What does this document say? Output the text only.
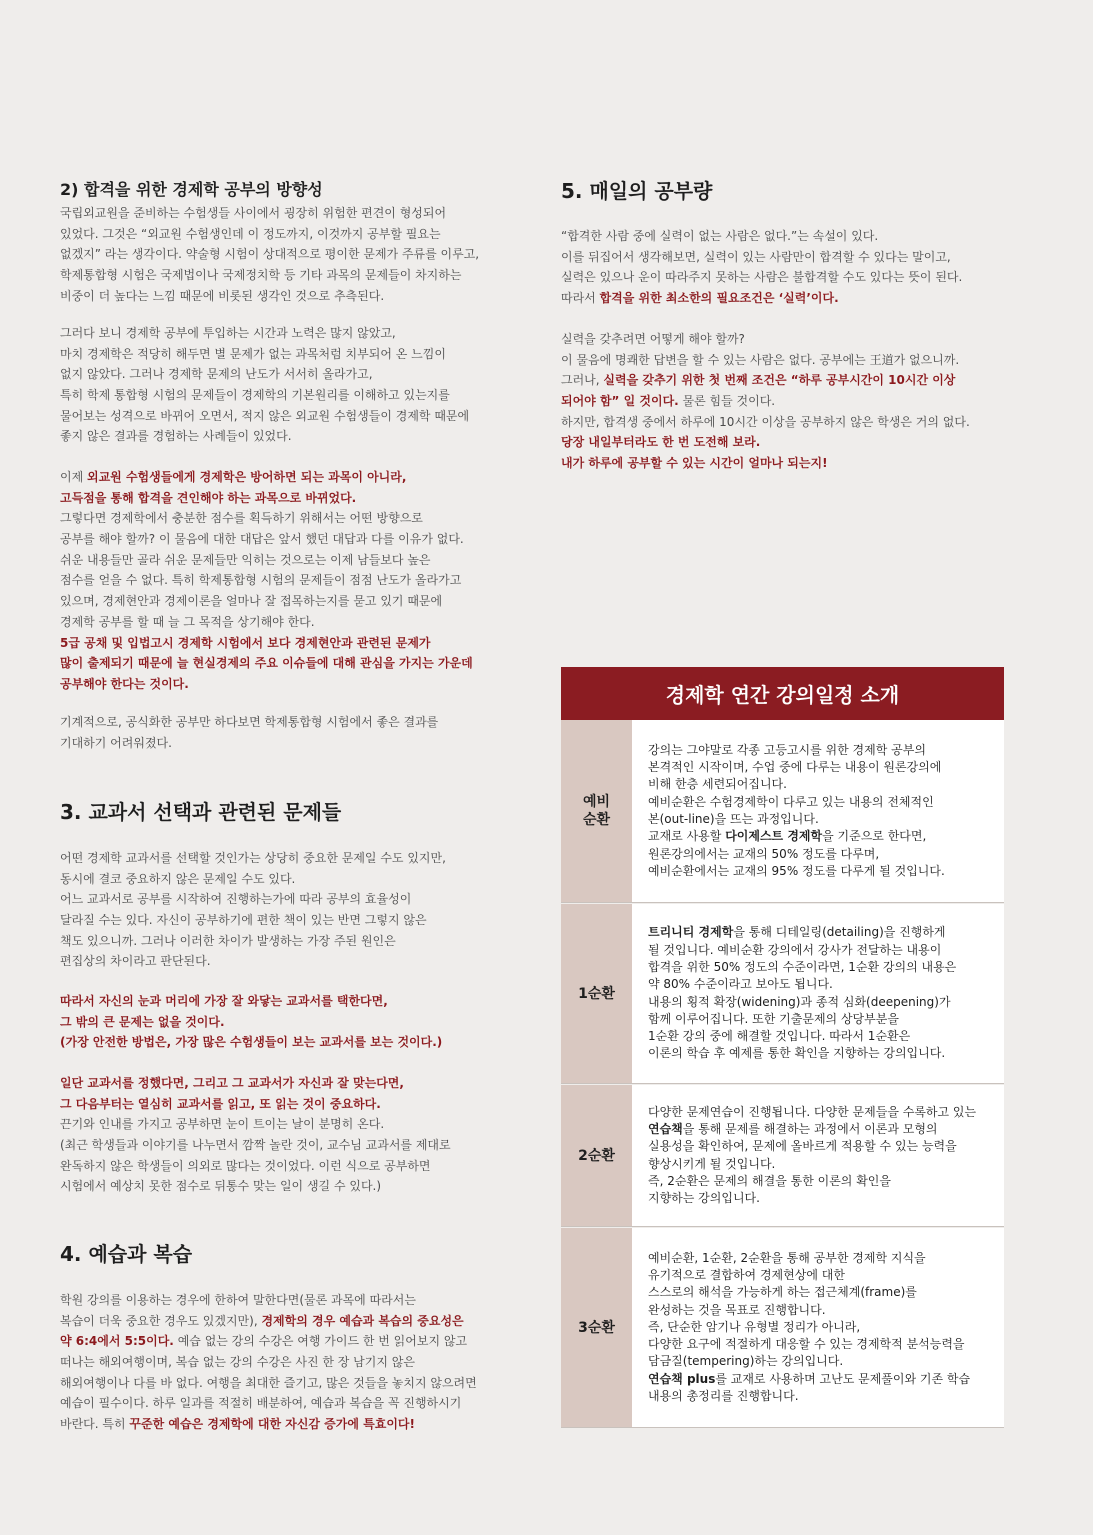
2) 합격을 위한 경제학 공부의 방향성
국립외교원을 준비하는 수험생들 사이에서 굉장히 위험한 편견이 형성되어
있었다. 그것은 “외교원 수험생인데 이 정도까지, 이것까지 공부할 필요는
없겠지” 라는 생각이다. 약술형 시험이 상대적으로 평이한 문제가 주류를 이루고,
학제통합형 시험은 국제법이나 국제정치학 등 기타 과목의 문제들이 차지하는
비중이 더 높다는 느낌 때문에 비롯된 생각인 것으로 추측된다.
그러다 보니 경제학 공부에 투입하는 시간과 노력은 많지 않았고,
마치 경제학은 적당히 해두면 별 문제가 없는 과목처럼 치부되어 온 느낌이
없지 않았다. 그러나 경제학 문제의 난도가 서서히 올라가고,
특히 학제 통합형 시험의 문제들이 경제학의 기본원리를 이해하고 있는지를
물어보는 성격으로 바뀌어 오면서, 적지 않은 외교원 수험생들이 경제학 때문에
좋지 않은 결과를 경험하는 사례들이 있었다.
이제 외교원 수험생들에게 경제학은 방어하면 되는 과목이 아니라,
고득점을 통해 합격을 견인해야 하는 과목으로 바뀌었다.
그렇다면 경제학에서 충분한 점수를 획득하기 위해서는 어떤 방향으로
공부를 해야 할까? 이 물음에 대한 대답은 앞서 했던 대답과 다를 이유가 없다.
쉬운 내용들만 골라 쉬운 문제들만 익히는 것으로는 이제 남들보다 높은
점수를 얻을 수 없다. 특히 학제통합형 시험의 문제들이 점점 난도가 올라가고
있으며, 경제현안과 경제이론을 얼마나 잘 접목하는지를 묻고 있기 때문에
경제학 공부를 할 때 늘 그 목적을 상기해야 한다.
5급 공채 및 입법고시 경제학 시험에서 보다 경제현안과 관련된 문제가
많이 출제되기 때문에 늘 현실경제의 주요 이슈들에 대해 관심을 가지는 가운데
공부해야 한다는 것이다.
기계적으로, 공식화한 공부만 하다보면 학제통합형 시험에서 좋은 결과를
기대하기 어려워졌다.
3. 교과서 선택과 관련된 문제들
어떤 경제학 교과서를 선택할 것인가는 상당히 중요한 문제일 수도 있지만,
동시에 결코 중요하지 않은 문제일 수도 있다.
어느 교과서로 공부를 시작하여 진행하는가에 따라 공부의 효율성이
달라질 수는 있다. 자신이 공부하기에 편한 책이 있는 반면 그렇지 않은
책도 있으니까. 그러나 이러한 차이가 발생하는 가장 주된 원인은
편집상의 차이라고 판단된다.
따라서 자신의 눈과 머리에 가장 잘 와닿는 교과서를 택한다면,
그 밖의 큰 문제는 없을 것이다.
(가장 안전한 방법은, 가장 많은 수험생들이 보는 교과서를 보는 것이다.)
일단 교과서를 정했다면, 그리고 그 교과서가 자신과 잘 맞는다면,
그 다음부터는 열심히 교과서를 읽고, 또 읽는 것이 중요하다.
끈기와 인내를 가지고 공부하면 눈이 트이는 날이 분명히 온다.
(최근 학생들과 이야기를 나누면서 깜짝 놀란 것이, 교수님 교과서를 제대로
완독하지 않은 학생들이 의외로 많다는 것이었다. 이런 식으로 공부하면
시험에서 예상치 못한 점수로 뒤통수 맞는 일이 생길 수 있다.)
4. 예습과 복습
학원 강의를 이용하는 경우에 한하여 말한다면(물론 과목에 따라서는
복습이 더욱 중요한 경우도 있겠지만), 경제학의 경우 예습과 복습의 중요성은
약 6:4에서 5:5이다. 예습 없는 강의 수강은 여행 가이드 한 번 읽어보지 않고
떠나는 해외여행이며, 복습 없는 강의 수강은 사진 한 장 남기지 않은
해외여행이나 다를 바 없다. 여행을 최대한 즐기고, 많은 것들을 놓치지 않으려면
예습이 필수이다. 하루 일과를 적절히 배분하여, 예습과 복습을 꼭 진행하시기
바란다. 특히 꾸준한 예습은 경제학에 대한 자신감 증가에 특효이다!
5. 매일의 공부량
“합격한 사람 중에 실력이 없는 사람은 없다.”는 속설이 있다.
이를 뒤집어서 생각해보면, 실력이 있는 사람만이 합격할 수 있다는 말이고,
실력은 있으나 운이 따라주지 못하는 사람은 불합격할 수도 있다는 뜻이 된다.
따라서 합격을 위한 최소한의 필요조건은 ‘실력’이다.
실력을 갖추려면 어떻게 해야 할까?
이 물음에 명쾌한 답변을 할 수 있는 사람은 없다. 공부에는 王道가 없으니까.
그러나, 실력을 갖추기 위한 첫 번째 조건은 “하루 공부시간이 10시간 이상
되어야 함” 일 것이다. 물론 힘들 것이다.
하지만, 합격생 중에서 하루에 10시간 이상을 공부하지 않은 학생은 거의 없다.
당장 내일부터라도 한 번 도전해 보라.
내가 하루에 공부할 수 있는 시간이 얼마나 되는지!
경제학 연간 강의일정 소개
예비
순환
강의는 그야말로 각종 고등고시를 위한 경제학 공부의
본격적인 시작이며, 수업 중에 다루는 내용이 원론강의에
비해 한층 세련되어집니다.
예비순환은 수험경제학이 다루고 있는 내용의 전체적인
본(out-line)을 뜨는 과정입니다.
교재로 사용할 다이제스트 경제학을 기준으로 한다면,
원론강의에서는 교재의 50% 정도를 다루며,
예비순환에서는 교재의 95% 정도를 다루게 될 것입니다.
1순환
트리니티 경제학을 통해 디테일링(detailing)을 진행하게
될 것입니다. 예비순환 강의에서 강사가 전달하는 내용이
합격을 위한 50% 정도의 수준이라면, 1순환 강의의 내용은
약 80% 수준이라고 보아도 됩니다.
내용의 횡적 확장(widening)과 종적 심화(deepening)가
함께 이루어집니다. 또한 기출문제의 상당부분을
1순환 강의 중에 해결할 것입니다. 따라서 1순환은
이론의 학습 후 예제를 통한 확인을 지향하는 강의입니다.
2순환
다양한 문제연습이 진행됩니다. 다양한 문제들을 수록하고 있는
연습책을 통해 문제를 해결하는 과정에서 이론과 모형의
실용성을 확인하여, 문제에 올바르게 적용할 수 있는 능력을
향상시키게 될 것입니다.
즉, 2순환은 문제의 해결을 통한 이론의 확인을
지향하는 강의입니다.
3순환
예비순환, 1순환, 2순환을 통해 공부한 경제학 지식을
유기적으로 결합하여 경제현상에 대한
스스로의 해석을 가능하게 하는 접근체계(frame)를
완성하는 것을 목표로 진행합니다.
즉, 단순한 암기나 유형별 정리가 아니라,
다양한 요구에 적절하게 대응할 수 있는 경제학적 분석능력을
담금질(tempering)하는 강의입니다.
연습책 plus를 교재로 사용하며 고난도 문제풀이와 기존 학습
내용의 총정리를 진행합니다.
